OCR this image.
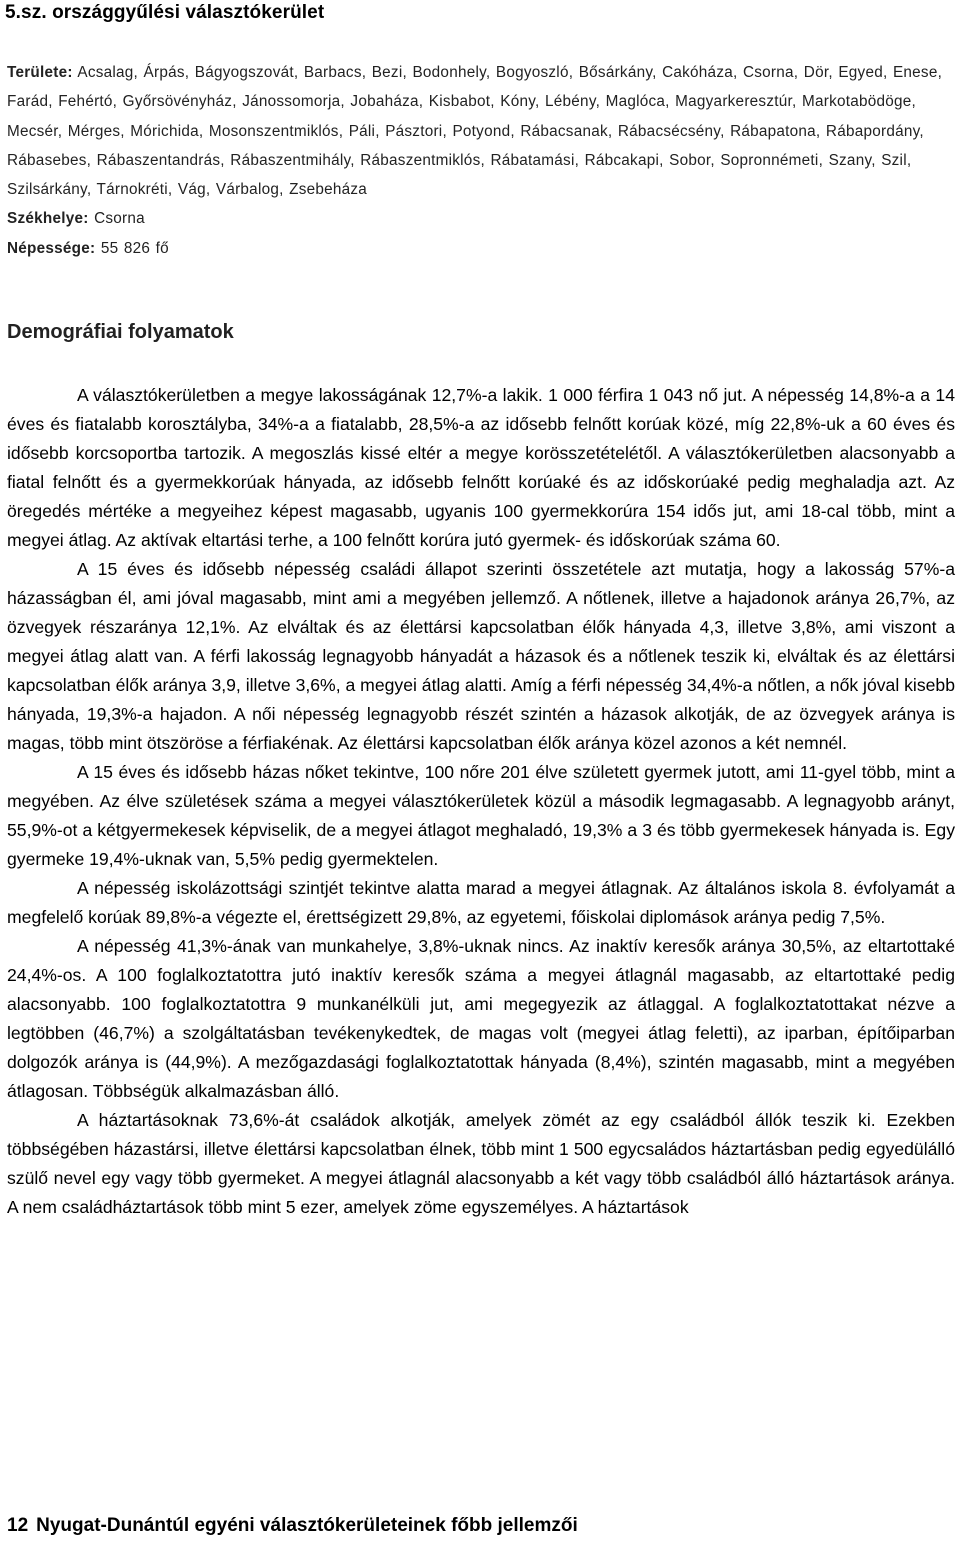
5.sz. országgyűlési választókerület

Területe: Acsalag, Árpás, Bágyogszovát, Barbacs, Bezi, Bodonhely, Bogyoszló, Bősárkány, Cakóháza, Csorna, Dör, Egyed, Enese, Farád, Fehértó, Győrsövényház, Jánossomorja, Jobaháza, Kisbabot, Kóny, Lébény, Maglóca, Magyarkeresztúr, Markotabödöge, Mecsér, Mérges, Mórichida, Mosonszentmiklós, Páli, Pásztori, Potyond, Rábacsanak, Rábacsécsény, Rábapatona, Rábapordány, Rábasebes, Rábaszentandrás, Rábaszentmihály, Rábaszentmiklós, Rábatamási, Rábcakapi, Sobor, Sopronnémeti, Szany, Szil, Szilsárkány, Tárnokréti, Vág, Várbalog, Zsebeháza

Székhelye: Csorna

Népessége: 55 826 fő

Demográfiai folyamatok

A választókerületben a megye lakosságának 12,7%-a lakik. 1 000 férfira 1 043 nő jut. A népesség 14,8%-a a 14 éves és fiatalabb korosztályba, 34%-a a fiatalabb, 28,5%-a az idősebb felnőtt korúak közé, míg 22,8%-uk a 60 éves és idősebb korcsoportba tartozik. A megoszlás kissé eltér a megye korösszetételétől. A választókerületben alacsonyabb a fiatal felnőtt és a gyermekkorúak hányada, az idősebb felnőtt korúaké és az időskorúaké pedig meghaladja azt. Az öregedés mértéke a megyeihez képest magasabb, ugyanis 100 gyermekkorúra 154 idős jut, ami 18-cal több, mint a megyei átlag. Az aktívak eltartási terhe, a 100 felnőtt korúra jutó gyermek- és időskorúak száma 60.

A 15 éves és idősebb népesség családi állapot szerinti összetétele azt mutatja, hogy a lakosság 57%-a házasságban él, ami jóval magasabb, mint ami a megyében jellemző. A nőtlenek, illetve a hajadonok aránya 26,7%, az özvegyek részaránya 12,1%. Az elváltak és az élettársi kapcsolatban élők hányada 4,3, illetve 3,8%, ami viszont a megyei átlag alatt van. A férfi lakosság legnagyobb hányadát a házasok és a nőtlenek teszik ki, elváltak és az élettársi kapcsolatban élők aránya 3,9, illetve 3,6%, a megyei átlag alatti. Amíg a férfi népesség 34,4%-a nőtlen, a nők jóval kisebb hányada, 19,3%-a hajadon. A női népesség legnagyobb részét szintén a házasok alkotják, de az özvegyek aránya is magas, több mint ötszöröse a férfiakénak. Az élettársi kapcsolatban élők aránya közel azonos a két nemnél.

A 15 éves és idősebb házas nőket tekintve, 100 nőre 201 élve született gyermek jutott, ami 11-gyel több, mint a megyében. Az élve születések száma a megyei választókerületek közül a második legmagasabb. A legnagyobb arányt, 55,9%-ot a kétgyermekesek képviselik, de a megyei átlagot meghaladó, 19,3% a 3 és több gyermekesek hányada is. Egy gyermeke 19,4%-uknak van, 5,5% pedig gyermektelen.

A népesség iskolázottsági szintjét tekintve alatta marad a megyei átlagnak. Az általános iskola 8. évfolyamát a megfelelő korúak 89,8%-a végezte el, érettségizett 29,8%, az egyetemi, főiskolai diplomások aránya pedig 7,5%.

A népesség 41,3%-ának van munkahelye, 3,8%-uknak nincs. Az inaktív keresők aránya 30,5%, az eltartottaké 24,4%-os. A 100 foglalkoztatottra jutó inaktív keresők száma a megyei átlagnál magasabb, az eltartottaké pedig alacsonyabb. 100 foglalkoztatottra 9 munkanélküli jut, ami megegyezik az átlaggal. A foglalkoztatottakat nézve a legtöbben (46,7%) a szolgáltatásban tevékenykedtek, de magas volt (megyei átlag feletti), az iparban, építőiparban dolgozók aránya is (44,9%). A mezőgazdasági foglalkoztatottak hányada (8,4%), szintén magasabb, mint a megyében átlagosan. Többségük alkalmazásban álló.

A háztartásoknak 73,6%-át családok alkotják, amelyek zömét az egy családból állók teszik ki. Ezekben többségében házastársi, illetve élettársi kapcsolatban élnek, több mint 1 500 egycsaládos háztartásban pedig egyedülálló szülő nevel egy vagy több gyermeket. A megyei átlagnál alacsonyabb a két vagy több családból álló háztartások aránya. A nem családháztartások több mint 5 ezer, amelyek zöme egyszemélyes. A háztartások

12 Nyugat-Dunántúl egyéni választókerületeinek főbb jellemzői
